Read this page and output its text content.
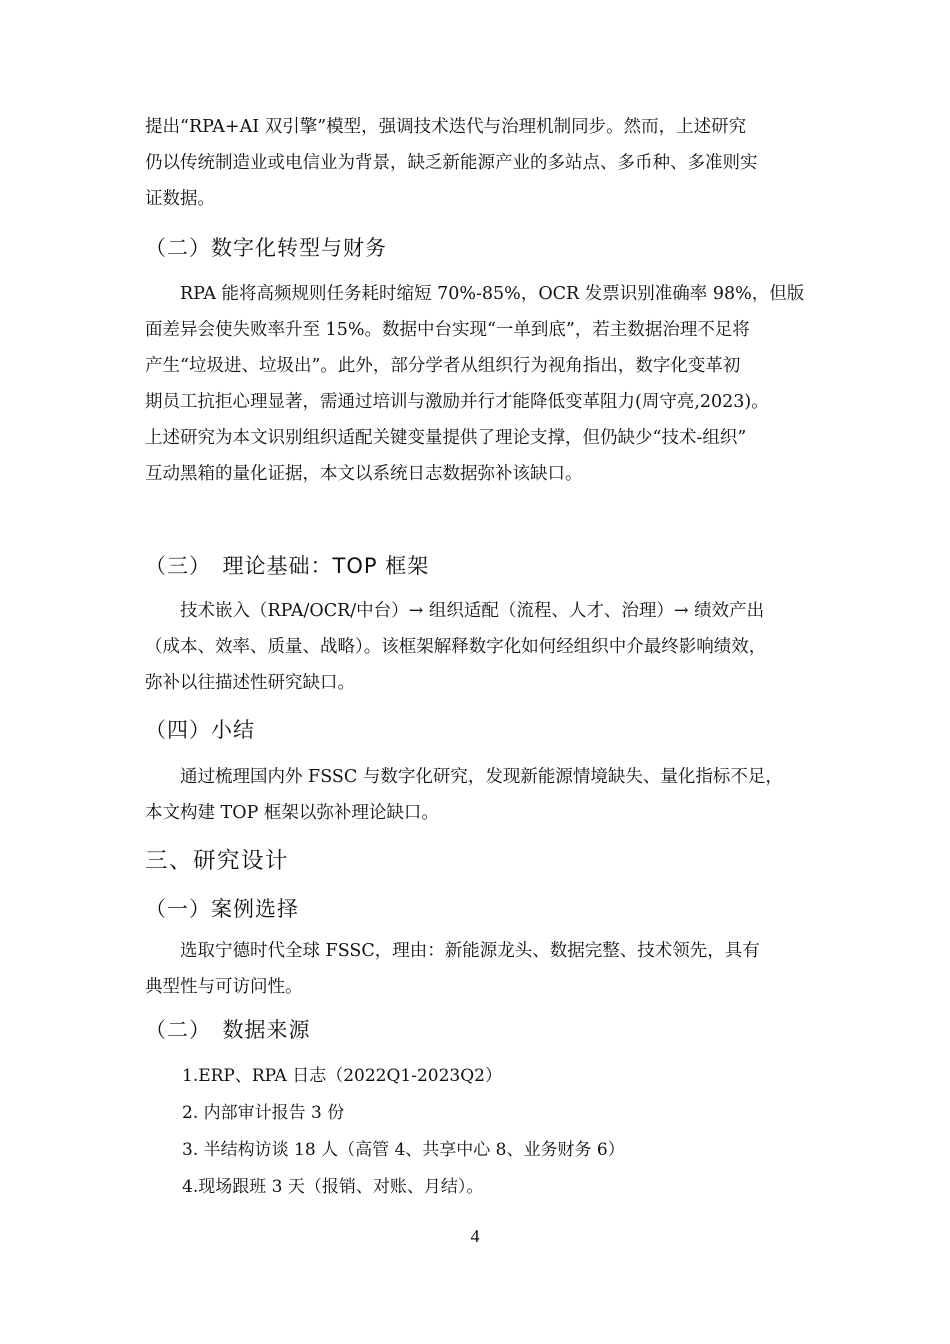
提出“RPA+AI 双引擎”模型，强调技术迭代与治理机制同步。然而，上述研究
仍以传统制造业或电信业为背景，缺乏新能源产业的多站点、多币种、多准则实
证数据。
（二）数字化转型与财务
　　RPA 能将高频规则任务耗时缩短 70%-85%，OCR 发票识别准确率 98%，但版
面差异会使失败率升至 15%。数据中台实现“一单到底”，若主数据治理不足将
产生“垃圾进、垃圾出”。此外，部分学者从组织行为视角指出，数字化变革初
期员工抗拒心理显著，需通过培训与激励并行才能降低变革阻力(周守亮,2023)。
上述研究为本文识别组织适配关键变量提供了理论支撑，但仍缺少“技术-组织”
互动黑箱的量化证据，本文以系统日志数据弥补该缺口。
（三）　理论基础：TOP 框架
　　技术嵌入（RPA/OCR/中台）→ 组织适配（流程、人才、治理）→ 绩效产出
（成本、效率、质量、战略）。该框架解释数字化如何经组织中介最终影响绩效，
弥补以往描述性研究缺口。
（四）小结
　　通过梳理国内外 FSSC 与数字化研究，发现新能源情境缺失、量化指标不足，
本文构建 TOP 框架以弥补理论缺口。
三、研究设计
（一）案例选择
　　选取宁德时代全球 FSSC，理由：新能源龙头、数据完整、技术领先，具有
典型性与可访问性。
（二）　数据来源

1.ERP、RPA 日志（2022Q1-2023Q2）

2. 内部审计报告 3 份

3. 半结构访谈 18 人（高管 4、共享中心 8、业务财务 6）

4.现场跟班 3 天（报销、对账、月结）。

4
